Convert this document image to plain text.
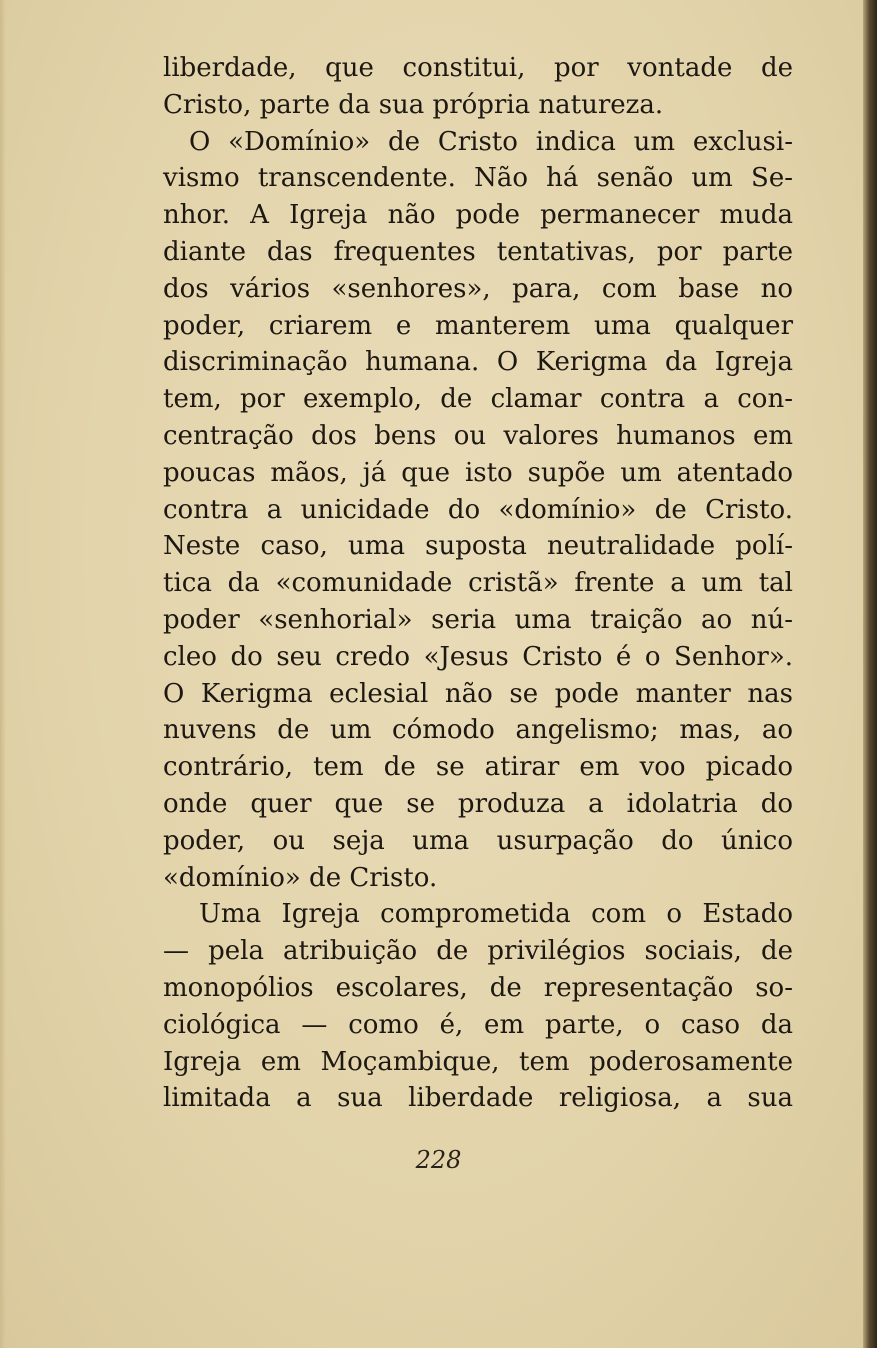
liberdade, que constitui, por vontade de
Cristo, parte da sua própria natureza.
O «Domínio» de Cristo indica um exclusi-
vismo transcendente. Não há senão um Se-
nhor. A Igreja não pode permanecer muda
diante das frequentes tentativas, por parte
dos vários «senhores», para, com base no
poder, criarem e manterem uma qualquer
discriminação humana. O Kerigma da Igreja
tem, por exemplo, de clamar contra a con-
centração dos bens ou valores humanos em
poucas mãos, já que isto supõe um atentado
contra a unicidade do «domínio» de Cristo.
Neste caso, uma suposta neutralidade polí-
tica da «comunidade cristã» frente a um tal
poder «senhorial» seria uma traição ao nú-
cleo do seu credo «Jesus Cristo é o Senhor».
O Kerigma eclesial não se pode manter nas
nuvens de um cómodo angelismo; mas, ao
contrário, tem de se atirar em voo picado
onde quer que se produza a idolatria do
poder, ou seja uma usurpação do único
«domínio» de Cristo.
Uma Igreja comprometida com o Estado
— pela atribuição de privilégios sociais, de
monopólios escolares, de representação so-
ciológica — como é, em parte, o caso da
Igreja em Moçambique, tem poderosamente
limitada a sua liberdade religiosa, a sua
228
